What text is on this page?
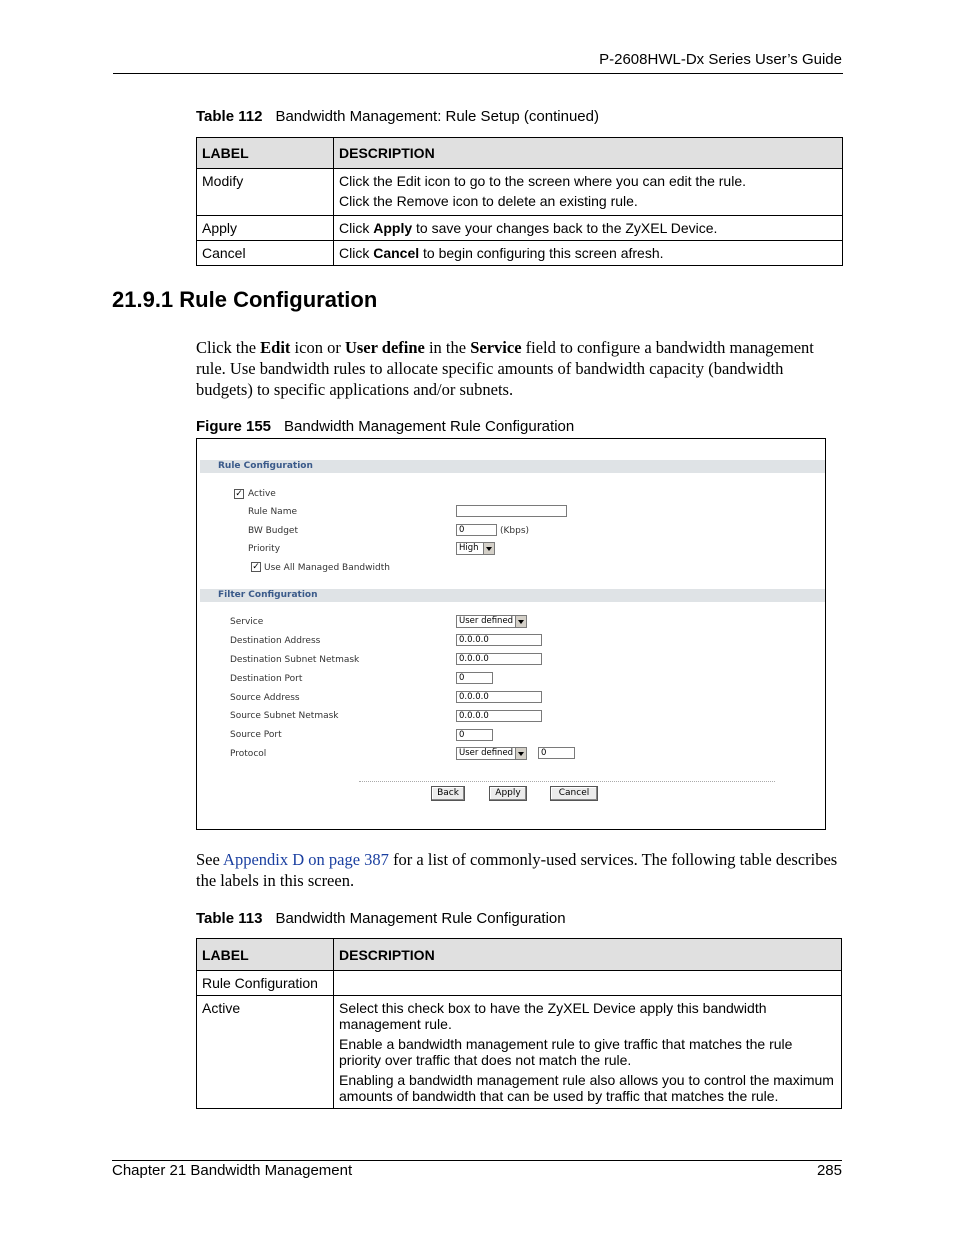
P-2608HWL-Dx Series User’s Guide
Table 112 Bandwidth Management: Rule Setup (continued)
LABEL	DESCRIPTION
Modify	Click the Edit icon to go to the screen where you can edit the rule.

Click the Remove icon to delete an existing rule.

Apply	Click Apply to save your changes back to the ZyXEL Device.
Cancel	Click Cancel to begin configuring this screen afresh.
21.9.1 Rule Configuration
Click the Edit icon or User define in the Service field to configure a bandwidth management rule. Use bandwidth rules to allocate specific amounts of bandwidth capacity (bandwidth budgets) to specific applications and/or subnets.
Figure 155 Bandwidth Management Rule Configuration
Rule Configuration
✓ Active
Rule Name
BW Budget	0	(Kbps)
Priority	High
✓ Use All Managed Bandwidth
Filter Configuration
Service	User defined
Destination Address	0.0.0.0
Destination Subnet Netmask	0.0.0.0
Destination Port	0
Source Address	0.0.0.0
Source Subnet Netmask	0.0.0.0
Source Port	0
Protocol	User defined	0
Back	Apply	Cancel
See Appendix D on page 387 for a list of commonly-used services. The following table describes the labels in this screen.
Table 113 Bandwidth Management Rule Configuration
LABEL	DESCRIPTION
Rule Configuration	
Active	Select this check box to have the ZyXEL Device apply this bandwidth management rule.

Enable a bandwidth management rule to give traffic that matches the rule priority over traffic that does not match the rule.

Enabling a bandwidth management rule also allows you to control the maximum amounts of bandwidth that can be used by traffic that matches the rule.

Chapter 21 Bandwidth Management	285
